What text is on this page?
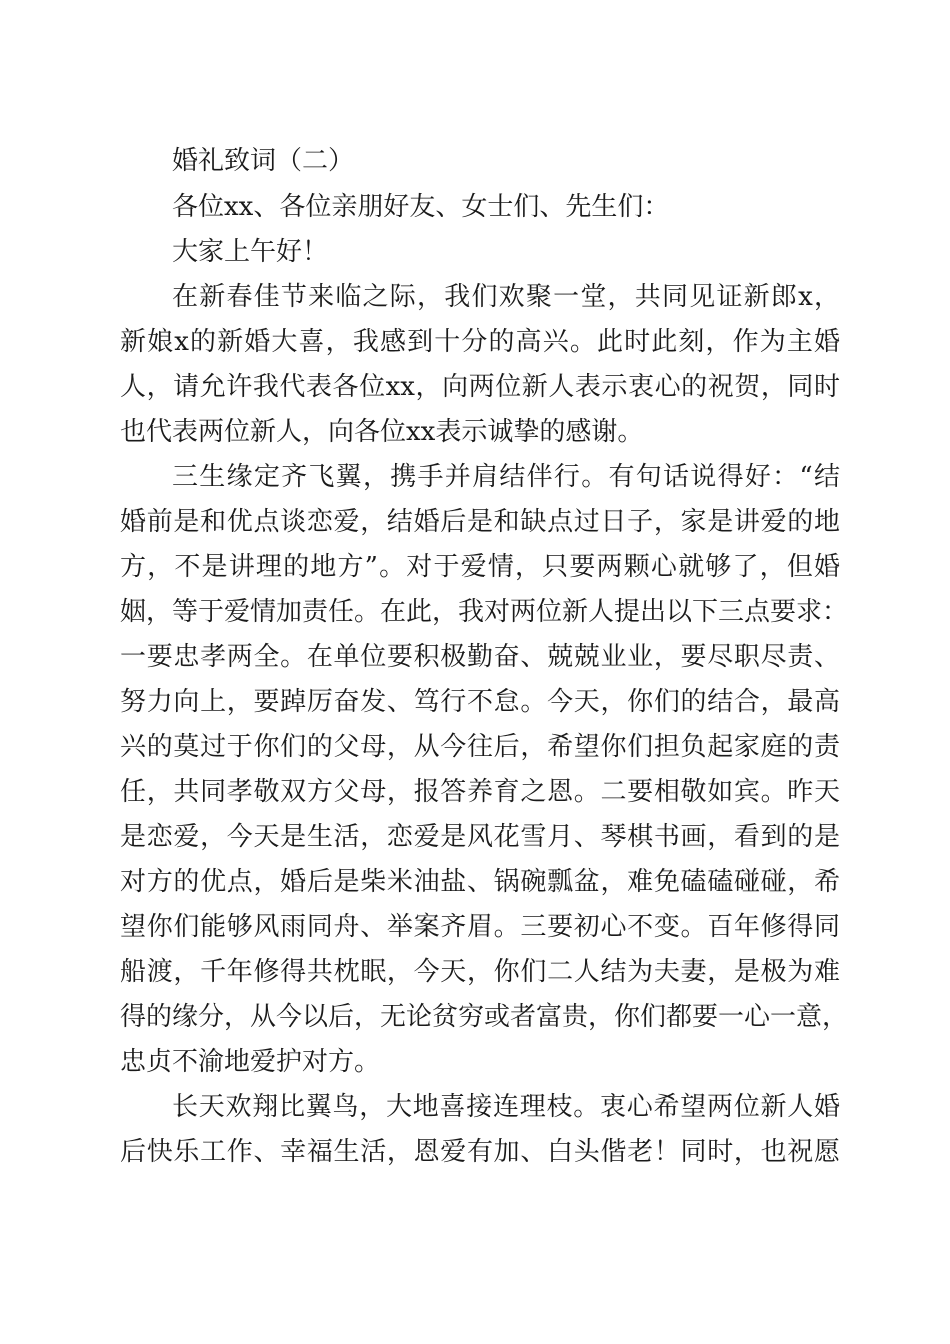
婚礼致词（二）
各位xx、各位亲朋好友、女士们、先生们：
大家上午好！
在新春佳节来临之际，我们欢聚一堂，共同见证新郎x，
新娘x的新婚大喜，我感到十分的高兴。此时此刻，作为主婚
人，请允许我代表各位xx，向两位新人表示衷心的祝贺，同时
也代表两位新人，向各位xx表示诚挚的感谢。
三生缘定齐飞翼，携手并肩结伴行。有句话说得好：“结
婚前是和优点谈恋爱，结婚后是和缺点过日子，家是讲爱的地
方，不是讲理的地方”。对于爱情，只要两颗心就够了，但婚
姻，等于爱情加责任。在此，我对两位新人提出以下三点要求：
一要忠孝两全。在单位要积极勤奋、兢兢业业，要尽职尽责、
努力向上，要踔厉奋发、笃行不怠。今天，你们的结合，最高
兴的莫过于你们的父母，从今往后，希望你们担负起家庭的责
任，共同孝敬双方父母，报答养育之恩。二要相敬如宾。昨天
是恋爱，今天是生活，恋爱是风花雪月、琴棋书画，看到的是
对方的优点，婚后是柴米油盐、锅碗瓢盆，难免磕磕碰碰，希
望你们能够风雨同舟、举案齐眉。三要初心不变。百年修得同
船渡，千年修得共枕眠，今天，你们二人结为夫妻，是极为难
得的缘分，从今以后，无论贫穷或者富贵，你们都要一心一意，
忠贞不渝地爱护对方。
长天欢翔比翼鸟，大地喜接连理枝。衷心希望两位新人婚
后快乐工作、幸福生活，恩爱有加、白头偕老！同时，也祝愿
